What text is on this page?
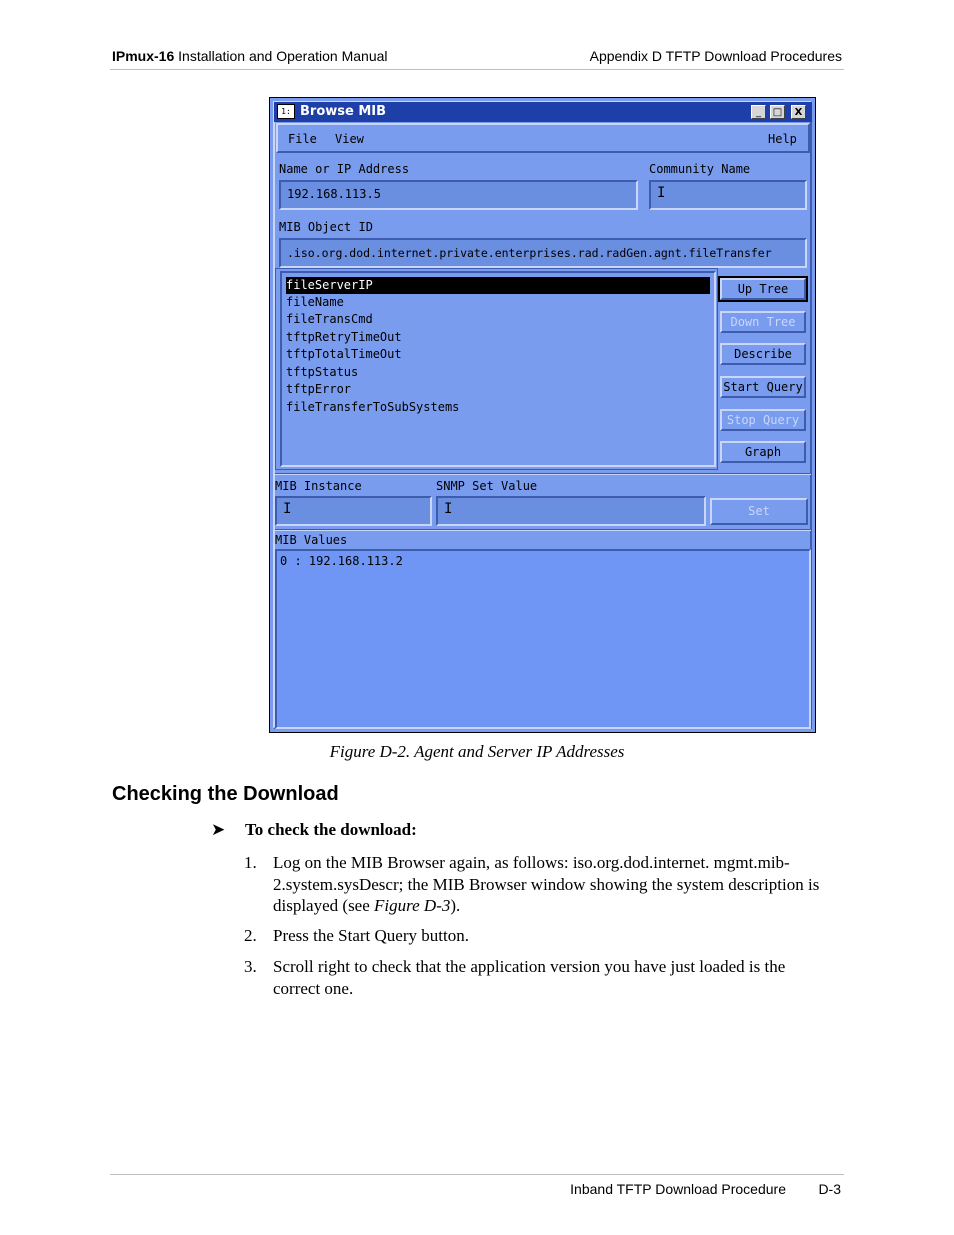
IPmux-16 Installation and Operation Manual	Appendix D TFTP Download Procedures
1: Browse MIB	_	□	X
File View	Help
Name or IP Address	Community Name
192.168.113.5	I
MIB Object ID
.iso.org.dod.internet.private.enterprises.rad.radGen.agnt.fileTransfer
fileServerIP
fileName
fileTransCmd
tftpRetryTimeOut
tftpTotalTimeOut
tftpStatus
tftpError
fileTransferToSubSystems
Up Tree
Down Tree
Describe
Start Query
Stop Query
Graph
MIB Instance	SNMP Set Value
I	I	Set
MIB Values
0 : 192.168.113.2
Figure D-2. Agent and Server IP Addresses
Checking the Download
➤ To check the download:
1. Log on the MIB Browser again, as follows: iso.org.dod.internet. mgmt.mib-2.system.sysDescr; the MIB Browser window showing the system description is displayed (see Figure D-3).
2. Press the Start Query button.
3. Scroll right to check that the application version you have just loaded is the correct one.
Inband TFTP Download Procedure D-3
